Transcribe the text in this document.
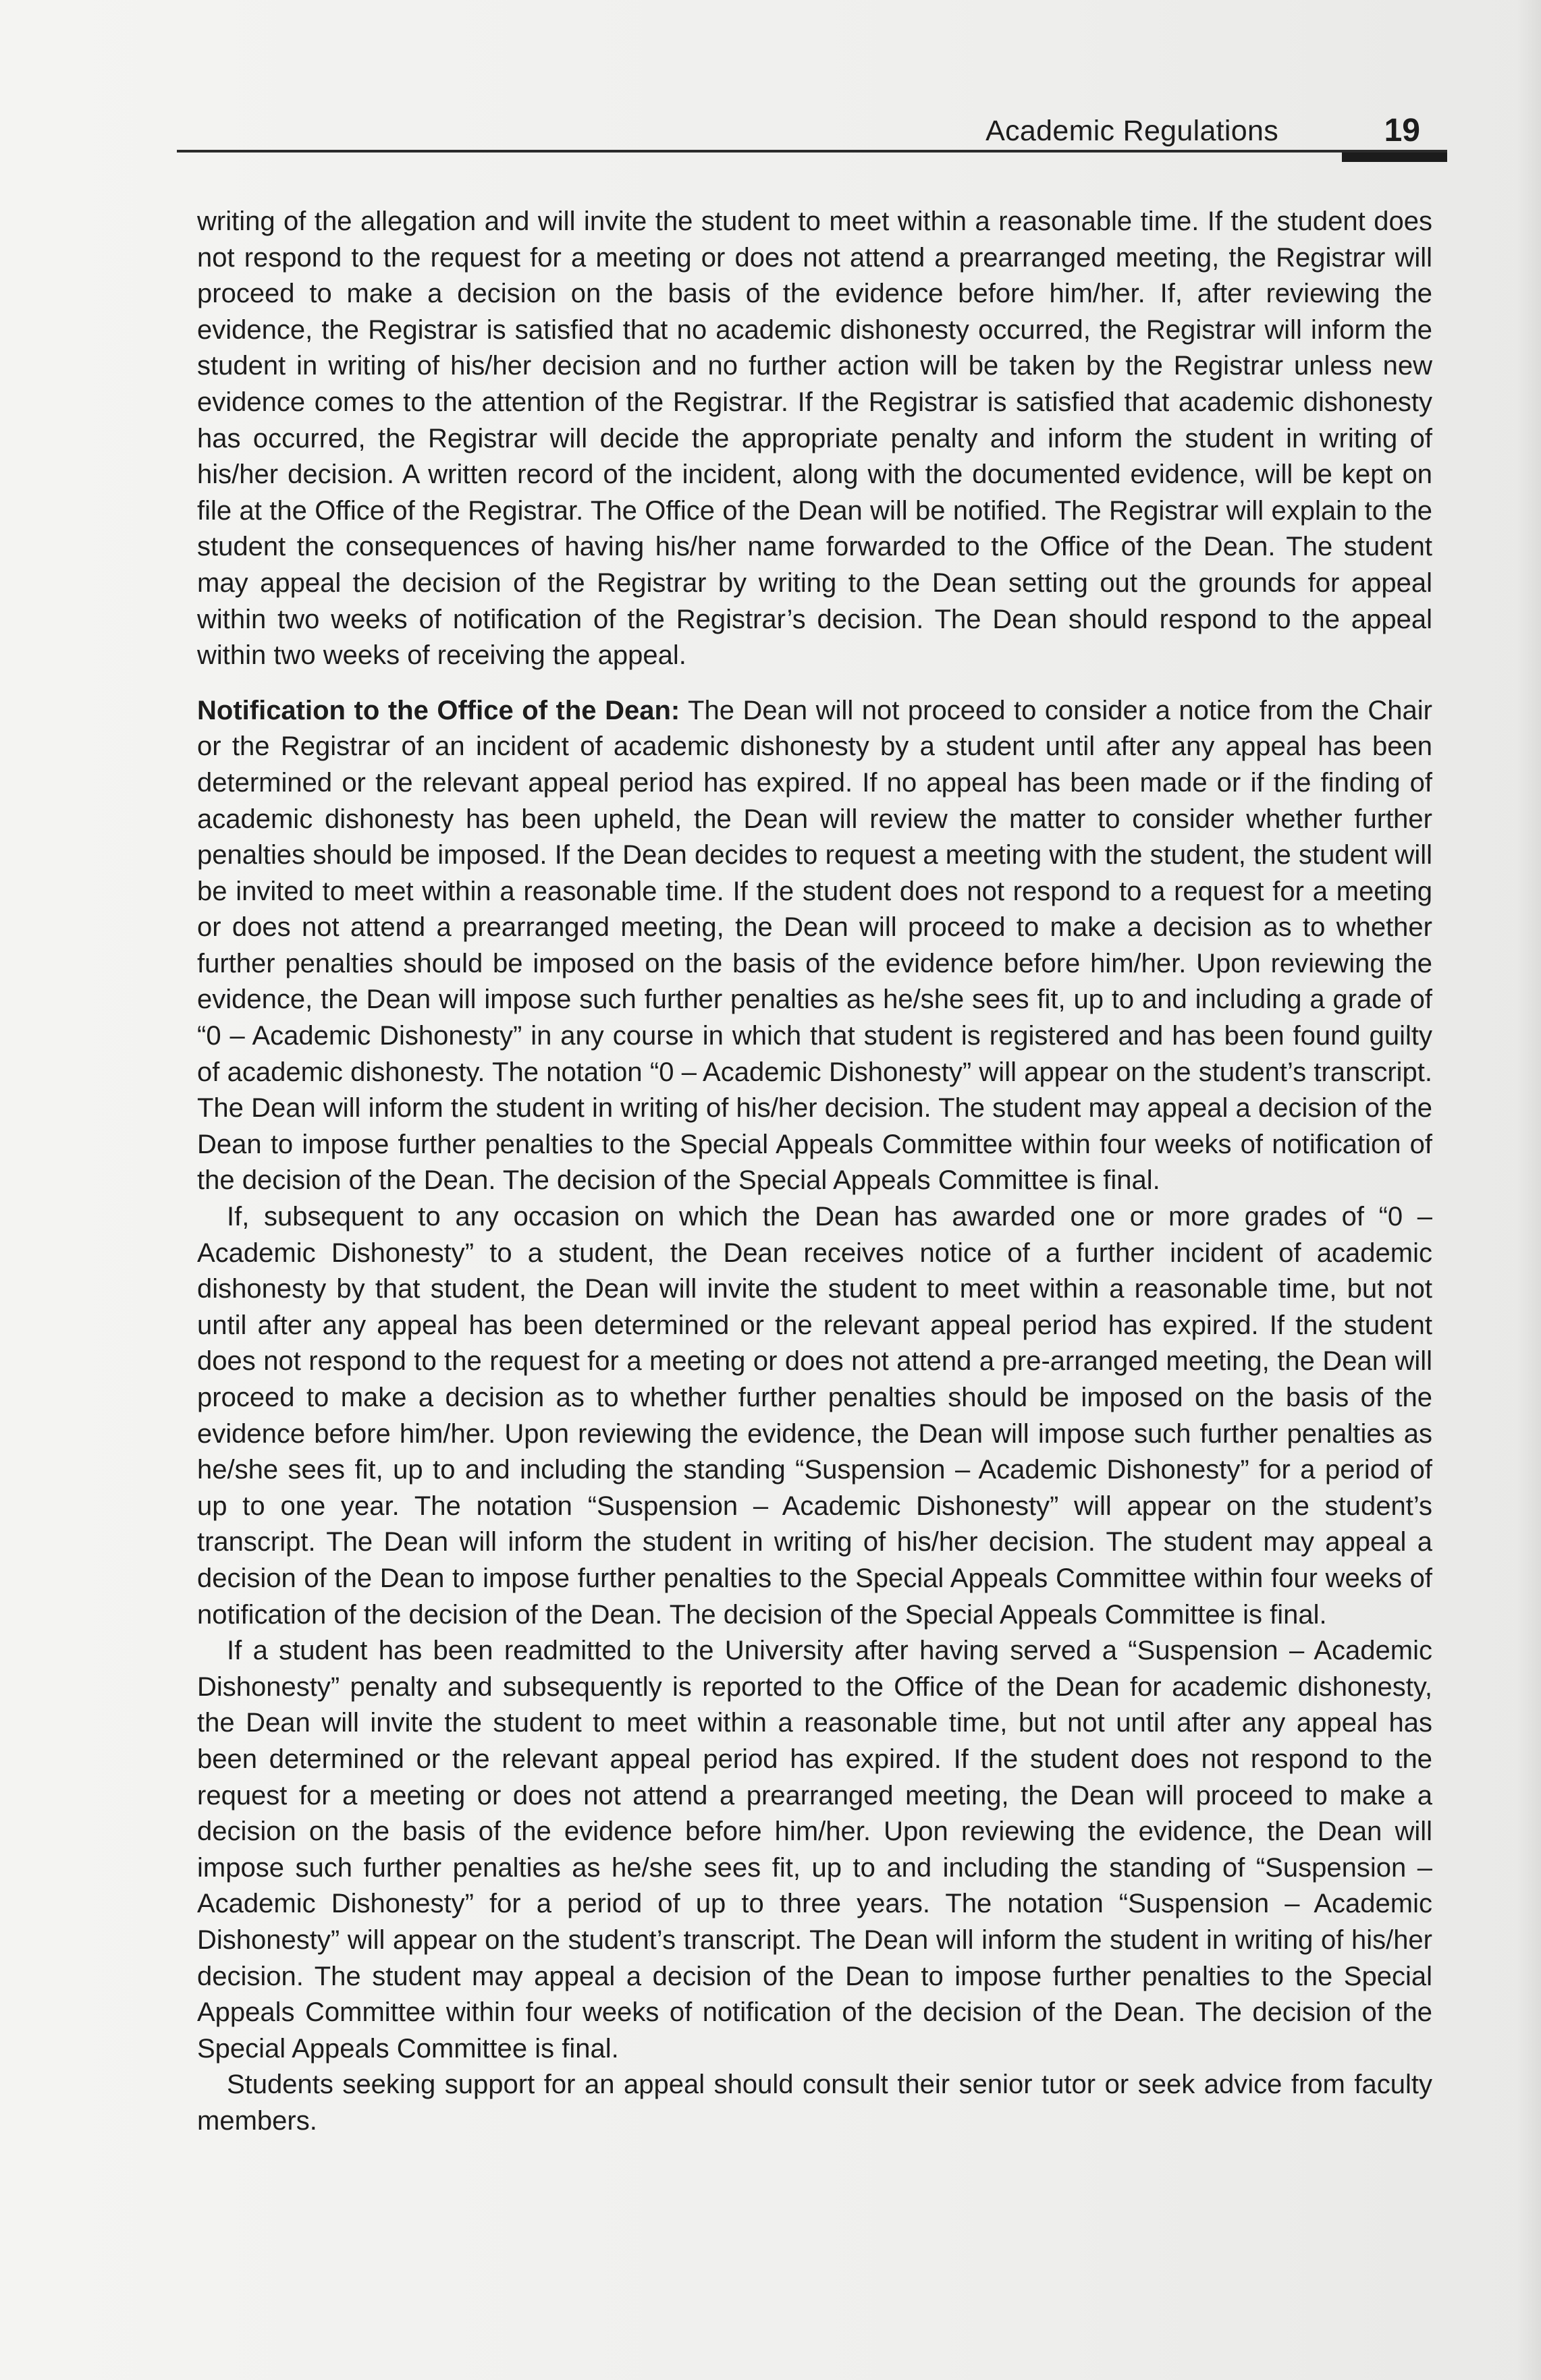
Academic Regulations	19

writing of the allegation and will invite the student to meet within a reasonable time. If the student does not respond to the request for a meeting or does not attend a prearranged meeting, the Registrar will proceed to make a decision on the basis of the evidence before him/her. If, after reviewing the evidence, the Registrar is satisfied that no academic dishonesty occurred, the Registrar will inform the student in writing of his/her decision and no further action will be taken by the Registrar unless new evidence comes to the attention of the Registrar. If the Registrar is satisfied that academic dishonesty has occurred, the Registrar will decide the appropriate penalty and inform the student in writing of his/her decision. A written record of the incident, along with the documented evidence, will be kept on file at the Office of the Registrar. The Office of the Dean will be notified. The Registrar will explain to the student the consequences of having his/her name forwarded to the Office of the Dean. The student may appeal the decision of the Registrar by writing to the Dean setting out the grounds for appeal within two weeks of notification of the Registrar’s decision. The Dean should respond to the appeal within two weeks of receiving the appeal.

Notification to the Office of the Dean: The Dean will not proceed to consider a notice from the Chair or the Registrar of an incident of academic dishonesty by a student until after any appeal has been determined or the relevant appeal period has expired. If no appeal has been made or if the finding of academic dishonesty has been upheld, the Dean will review the matter to consider whether further penalties should be imposed. If the Dean decides to request a meeting with the student, the student will be invited to meet within a reasonable time. If the student does not respond to a request for a meeting or does not attend a prearranged meeting, the Dean will proceed to make a decision as to whether further penalties should be imposed on the basis of the evidence before him/her. Upon reviewing the evidence, the Dean will impose such further penalties as he/she sees fit, up to and including a grade of “0 – Academic Dishonesty” in any course in which that student is registered and has been found guilty of academic dishonesty. The notation “0 – Academic Dishonesty” will appear on the student’s transcript. The Dean will inform the student in writing of his/her decision. The student may appeal a decision of the Dean to impose further penalties to the Special Appeals Committee within four weeks of notification of the decision of the Dean. The decision of the Special Appeals Committee is final.

If, subsequent to any occasion on which the Dean has awarded one or more grades of “0 – Academic Dishonesty” to a student, the Dean receives notice of a further incident of academic dishonesty by that student, the Dean will invite the student to meet within a reasonable time, but not until after any appeal has been determined or the relevant appeal period has expired. If the student does not respond to the request for a meeting or does not attend a pre-arranged meeting, the Dean will proceed to make a decision as to whether further penalties should be imposed on the basis of the evidence before him/her. Upon reviewing the evidence, the Dean will impose such further penalties as he/she sees fit, up to and including the standing “Suspension – Academic Dishonesty” for a period of up to one year. The notation “Suspension – Academic Dishonesty” will appear on the student’s transcript. The Dean will inform the student in writing of his/her decision. The student may appeal a decision of the Dean to impose further penalties to the Special Appeals Committee within four weeks of notification of the decision of the Dean. The decision of the Special Appeals Committee is final.

If a student has been readmitted to the University after having served a “Suspension – Academic Dishonesty” penalty and subsequently is reported to the Office of the Dean for academic dishonesty, the Dean will invite the student to meet within a reasonable time, but not until after any appeal has been determined or the relevant appeal period has expired. If the student does not respond to the request for a meeting or does not attend a prearranged meeting, the Dean will proceed to make a decision on the basis of the evidence before him/her. Upon reviewing the evidence, the Dean will impose such further penalties as he/she sees fit, up to and including the standing of “Suspension – Academic Dishonesty” for a period of up to three years. The notation “Suspension – Academic Dishonesty” will appear on the student’s transcript. The Dean will inform the student in writing of his/her decision. The student may appeal a decision of the Dean to impose further penalties to the Special Appeals Committee within four weeks of notification of the decision of the Dean. The decision of the Special Appeals Committee is final.

Students seeking support for an appeal should consult their senior tutor or seek advice from faculty members.
